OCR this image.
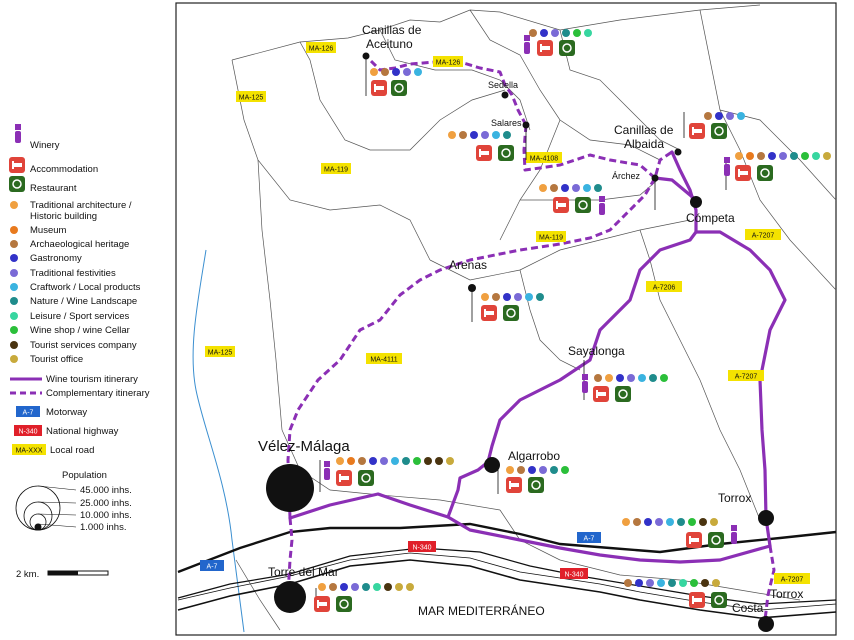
MA-126
MA-126
MA-125
MA-125
MA-119
MA-119
MA-4108
MA-4111
A-7206
A-7207
A-7207
A-7207
A-7
A-7
N-340
N-340
Canillas de
Aceituno
Sedella
Salares	Canillas de
Albaida
Árchez
Cómpeta
Arenas
Sayalonga
Vélez-Málaga
Algarrobo
Torrox
Torre del Mar
Torrox
Costa
MAR MEDITERRÁNEO
Winery
Accommodation
Restaurant
Traditional architecture /
Historic building
Museum
Archaeological heritage
Gastronomy
Traditional festivities
Craftwork / Local products
Nature / Wine Landscape
Leisure / Sport services
Wine shop / wine Cellar
Tourist services company
Tourist office
Wine tourism itinerary
Complementary itinerary
A-7 Motorway
N-340 National highway
MA-XXX Local road
Population
45.000 inhs.
25.000 inhs.
10.000 inhs.
1.000 inhs.
2 km.
